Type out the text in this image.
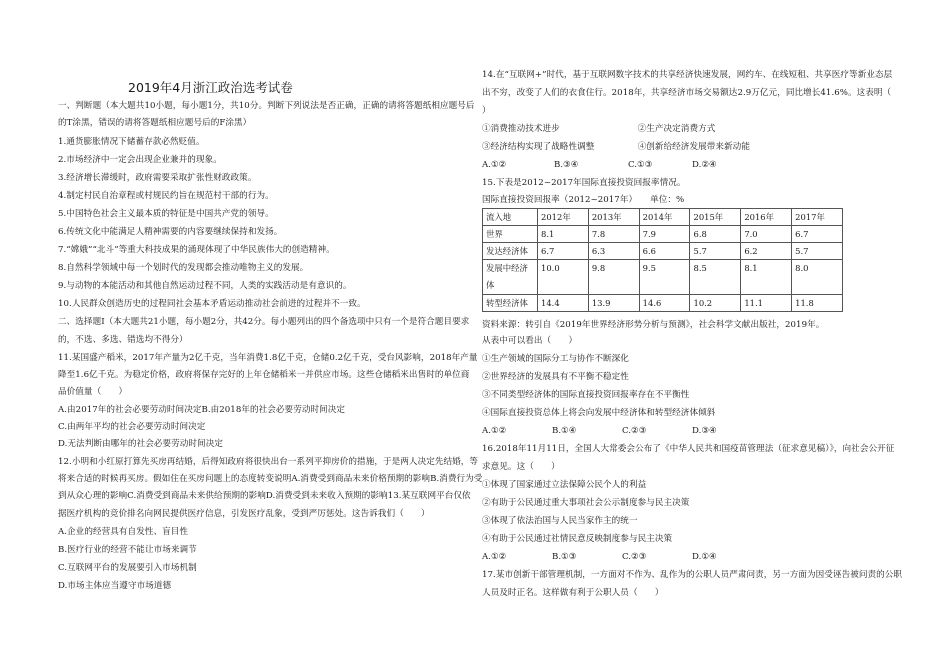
2019年4月浙江政治选考试卷
一、判断题（本大题共10小题，每小题1分，共10分。判断下列说法是否正确，正确的请将答题纸相应题号后
的T涂黑，错误的请将答题纸相应题号后的F涂黑）
1.通货膨胀情况下储蓄存款必然贬值。
2.市场经济中一定会出现企业兼并的现象。
3.经济增长滞缓时，政府需要采取扩张性财政政策。
4.制定村民自治章程或村规民约旨在规范村干部的行为。
5.中国特色社会主义最本质的特征是中国共产党的领导。
6.传统文化中能满足人精神需要的内容要继续保持和发扬。
7.“嫦娥”“北斗”等重大科技成果的涌现体现了中华民族伟大的创造精神。
8.自然科学领域中每一个划时代的发现都会推动唯物主义的发展。
9.与动物的本能活动和其他自然运动过程不同，人类的实践活动是有意识的。
10.人民群众创造历史的过程同社会基本矛盾运动推动社会前进的过程并不一致。
二、选择题Ⅰ（本大题共21小题，每小题2分，共42分。每小题列出的四个备选项中只有一个是符合题目要求
的，不选、多选、错选均不得分）
11.某国盛产稻米，2017年产量为2亿千克，当年消费1.8亿千克，仓储0.2亿千克，受台风影响，2018年产量
降至1.6亿千克。为稳定价格，政府将保存完好的上年仓储稻米一并供应市场。这些仓储稻米出售时的单位商
品价值量（　　）
A.由2017年的社会必要劳动时间决定B.由2018年的社会必要劳动时间决定
C.由两年平均的社会必要劳动时间决定
D.无法判断由哪年的社会必要劳动时间决定
12.小明和小红原打算先买房再结婚，后得知政府将很快出台一系列平抑房价的措施，于是两人决定先结婚，等
将来合适的时候再买房。假如住在买房问题上的态度转变说明A.消费受到商品未来价格预期的影响B.消费行为受
到从众心理的影响C.消费受到商品未来供给预期的影响D.消费受到未来收入预期的影响13.某互联网平台仅依
据医疗机构的竞价排名向网民提供医疗信息，引发医疗乱象，受到严厉惩处。这告诉我们（　　）
A.企业的经营具有自发性、盲目性
B.医疗行业的经营不能让市场来调节
C.互联网平台的发展要引入市场机制
D.市场主体应当遵守市场道德
14.在“互联网+”时代，基于互联网数字技术的共享经济快速发展，网约车、在线短租、共享医疗等新业态层
出不穷，改变了人们的衣食住行。2018年，共享经济市场交易额达2.9万亿元，同比增长41.6%。这表明（　　
）
①消费推动技术进步　　　　　　　　　②生产决定消费方式
③经济结构实现了战略性调整　　　　　④创新给经济发展带来新动能
15.下表是2012~2017年国际直接投资回报率情况。
国际直接投资回报率（2012~2017年）　　单位：%
A.①②	B.③④	C.①③	D.②④
流入地	2012年	2013年	2014年	2015年	2016年	2017年
世界	8.1	7.8	7.9	6.8	7.0	6.7
发达经济体	6.7	6.3	6.6	5.7	6.2	5.7
发展中经济体	10.0	9.8	9.5	8.5	8.1	8.0
转型经济体	14.4	13.9	14.6	10.2	11.1	11.8
资料来源：转引自《2019年世界经济形势分析与预测》，社会科学文献出版社，2019年。
从表中可以看出（　　）
①生产领域的国际分工与协作不断深化
②世界经济的发展具有不平衡不稳定性
③不同类型经济体的国际直接投资回报率存在不平衡性
④国际直接投资总体上将会向发展中经济体和转型经济体倾斜
16.2018年11月11日，全国人大常委会公布了《中华人民共和国疫苗管理法（征求意见稿）》，向社会公开征
求意见。这（　　）
①体现了国家通过立法保障公民个人的利益
②有助于公民通过重大事项社会公示制度参与民主决策
③体现了依法治国与人民当家作主的统一
④有助于公民通过社情民意反映制度参与民主决策
17.某市创新干部管理机制，一方面对不作为、乱作为的公职人员严肃问责，另一方面为因受诬告被问责的公职
人员及时正名。这样做有利于公职人员（　　）
A.①②	B.①④	C.②③	D.③④
A.①②	B.①③	C.②③	D.①④
